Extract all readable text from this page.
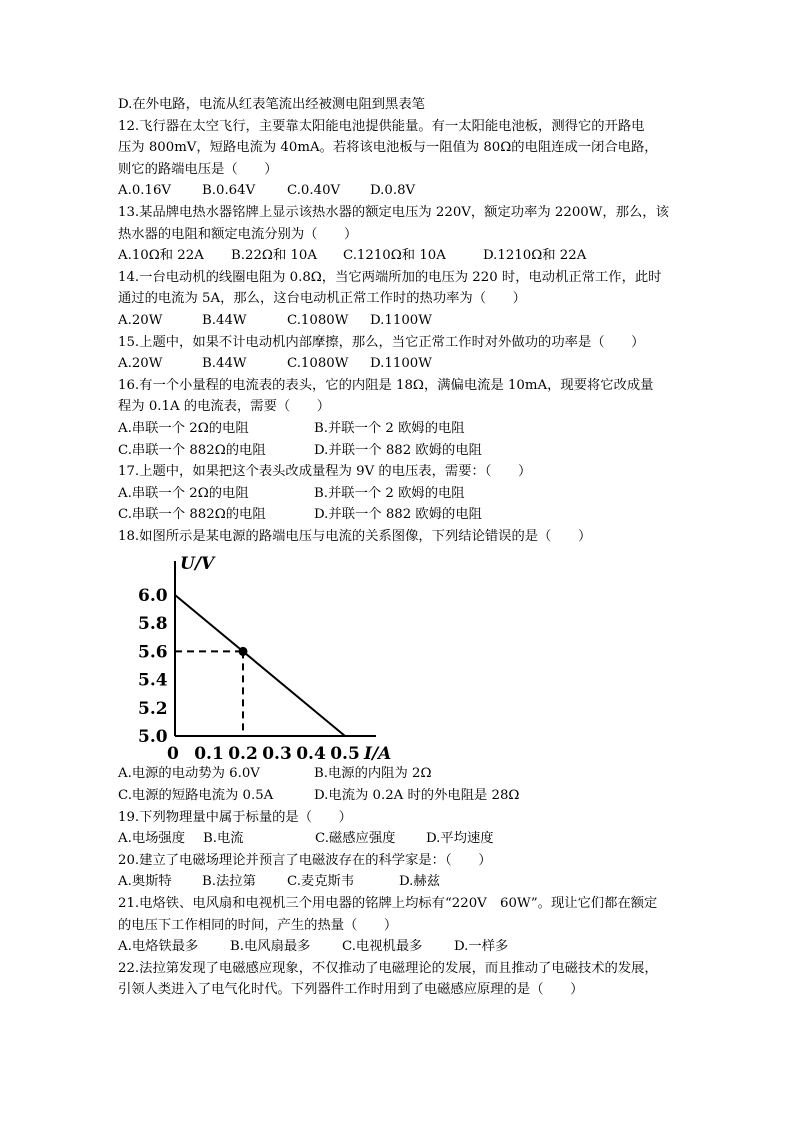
D.在外电路，电流从红表笔流出经被测电阻到黑表笔
12.飞行器在太空飞行，主要靠太阳能电池提供能量。有一太阳能电池板，测得它的开路电
压为 800mV，短路电流为 40mA。若将该电池板与一阻值为 80Ω的电阻连成一闭合电路，
则它的路端电压是（　　）
A.0.16V	B.0.64V	C.0.40V	D.0.8V
13.某品牌电热水器铭牌上显示该热水器的额定电压为 220V，额定功率为 2200W，那么，该
热水器的电阻和额定电流分别为（　　）
A.10Ω和 22A	B.22Ω和 10A	C.1210Ω和 10A	D.1210Ω和 22A
14.一台电动机的线圈电阻为 0.8Ω，当它两端所加的电压为 220 时，电动机正常工作，此时
通过的电流为 5A，那么，这台电动机正常工作时的热功率为（　　）
A.20W	B.44W	C.1080W	D.1100W
15.上题中，如果不计电动机内部摩擦，那么，当它正常工作时对外做功的功率是（　　）
A.20W	B.44W	C.1080W	D.1100W
16.有一个小量程的电流表的表头，它的内阻是 18Ω，满偏电流是 10mA，现要将它改成量
程为 0.1A 的电流表，需要（　　）
A.串联一个 2Ω的电阻	B.并联一个 2 欧姆的电阻
C.串联一个 882Ω的电阻	D.并联一个 882 欧姆的电阻
17.上题中，如果把这个表头改成量程为 9V 的电压表，需要：（　　）
A.串联一个 2Ω的电阻	B.并联一个 2 欧姆的电阻
C.串联一个 882Ω的电阻	D.并联一个 882 欧姆的电阻
18.如图所示是某电源的路端电压与电流的关系图像，下列结论错误的是（　　）
U/V
I/A
5.0
5.2
5.4
5.6
5.8
6.0
0 0.1 0.2 0.3 0.4 0.5
A.电源的电动势为 6.0V	B.电源的内阻为 2Ω
C.电源的短路电流为 0.5A	D.电流为 0.2A 时的外电阻是 28Ω
19.下列物理量中属于标量的是（　　）
A.电场强度	B.电流	C.磁感应强度	D.平均速度
20.建立了电磁场理论并预言了电磁波存在的科学家是：（　　）
A.奥斯特	B.法拉第	C.麦克斯韦	D.赫兹
21.电烙铁、电风扇和电视机三个用电器的铭牌上均标有“220V　60W”。现让它们都在额定
的电压下工作相同的时间，产生的热量（　　）
A.电烙铁最多	B.电风扇最多	C.电视机最多	D.一样多
22.法拉第发现了电磁感应现象，不仅推动了电磁理论的发展，而且推动了电磁技术的发展，
引领人类进入了电气化时代。下列器件工作时用到了电磁感应原理的是（　　）
